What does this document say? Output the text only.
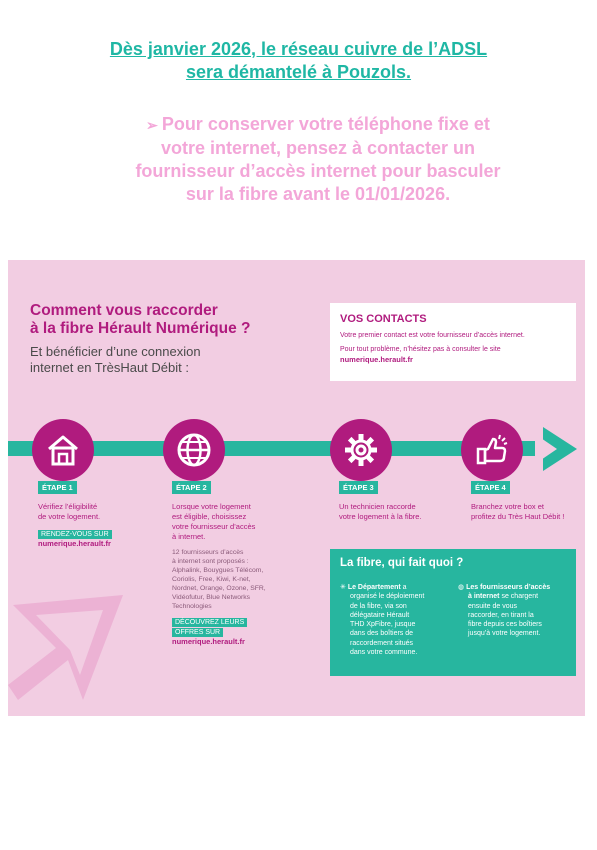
Dès janvier 2026, le réseau cuivre de l’ADSL
sera démantelé à Pouzols.
➢ Pour conserver votre téléphone fixe et
votre internet, pensez à contacter un
fournisseur d’accès internet pour basculer
sur la fibre avant le 01/01/2026.
Comment vous raccorder
à la fibre Hérault Numérique ?
Et bénéficier d’une connexion
internet en TrèsHaut Débit :
VOS CONTACTS
Votre premier contact est votre fournisseur d’accès internet.
Pour tout problème, n’hésitez pas à consulter le site
numerique.herault.fr
ÉTAPE 1
Vérifiez l’éligibilité
de votre logement.
RENDEZ-VOUS SUR
numerique.herault.fr
ÉTAPE 2
Lorsque votre logement
est éligible, choisissez
votre fournisseur d’accès
à internet.
12 fournisseurs d’accès
à internet sont proposés :
Alphalink, Bouygues Télécom,
Coriolis, Free, Kiwi, K-net,
Nordnet, Orange, Ozone, SFR,
Vidéofutur, Blue Networks
Technologies
DÉCOUVREZ LEURS
OFFRES SUR
numerique.herault.fr
ÉTAPE 3
Un technicien raccorde
votre logement à la fibre.
ÉTAPE 4
Branchez votre box et
profitez du Très Haut Débit !
La fibre, qui fait quoi ?
✳ Le Département a
organisé le déploiement
de la fibre, via son
délégataire Hérault
THD XpFibre, jusque
dans des boîtiers de
raccordement situés
dans votre commune.
◍ Les fournisseurs d’accès
à internet se chargent
ensuite de vous
raccorder, en tirant la
fibre depuis ces boîtiers
jusqu’à votre logement.
